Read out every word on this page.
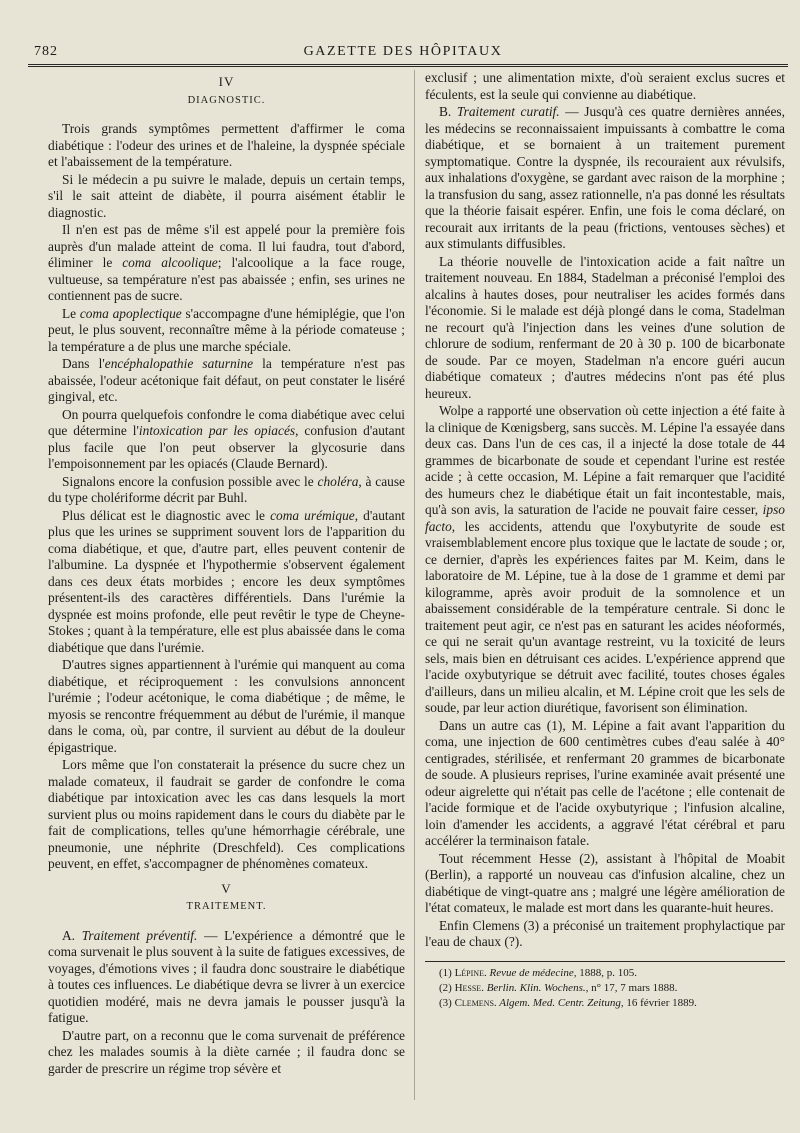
782	GAZETTE DES HÔPITAUX
IV
DIAGNOSTIC.

Trois grands symptômes permettent d'affirmer le coma diabétique : l'odeur des urines et de l'haleine, la dyspnée spéciale et l'abaissement de la température.

Si le médecin a pu suivre le malade, depuis un certain temps, s'il le sait atteint de diabète, il pourra aisément établir le diagnostic.

Il n'en est pas de même s'il est appelé pour la première fois auprès d'un malade atteint de coma. Il lui faudra, tout d'abord, éliminer le coma alcoolique; l'alcoolique a la face rouge, vultueuse, sa température n'est pas abaissée ; enfin, ses urines ne contiennent pas de sucre.

Le coma apoplectique s'accompagne d'une hémiplégie, que l'on peut, le plus souvent, reconnaître même à la période comateuse ; la température a de plus une marche spéciale.

Dans l'encéphalopathie saturnine la température n'est pas abaissée, l'odeur acétonique fait défaut, on peut constater le liséré gingival, etc.

On pourra quelquefois confondre le coma diabétique avec celui que détermine l'intoxication par les opiacés, confusion d'autant plus facile que l'on peut observer la glycosurie dans l'empoisonnement par les opiacés (Claude Bernard).

Signalons encore la confusion possible avec le choléra, à cause du type cholériforme décrit par Buhl.

Plus délicat est le diagnostic avec le coma urémique, d'autant plus que les urines se suppriment souvent lors de l'apparition du coma diabétique, et que, d'autre part, elles peuvent contenir de l'albumine. La dyspnée et l'hypothermie s'observent également dans ces deux états morbides ; encore les deux symptômes présentent-ils des caractères différentiels. Dans l'urémie la dyspnée est moins profonde, elle peut revêtir le type de Cheyne-Stokes ; quant à la température, elle est plus abaissée dans le coma diabétique que dans l'urémie.

D'autres signes appartiennent à l'urémie qui manquent au coma diabétique, et réciproquement : les convulsions annoncent l'urémie ; l'odeur acétonique, le coma diabétique ; de même, le myosis se rencontre fréquemment au début de l'urémie, il manque dans le coma, où, par contre, il survient au début de la douleur épigastrique.

Lors même que l'on constaterait la présence du sucre chez un malade comateux, il faudrait se garder de confondre le coma diabétique par intoxication avec les cas dans lesquels la mort survient plus ou moins rapidement dans le cours du diabète par le fait de complications, telles qu'une hémorrhagie cérébrale, une pneumonie, une néphrite (Dreschfeld). Ces complications peuvent, en effet, s'accompagner de phénomènes comateux.

V
TRAITEMENT.

A. Traitement préventif. — L'expérience a démontré que le coma survenait le plus souvent à la suite de fatigues excessives, de voyages, d'émotions vives ; il faudra donc soustraire le diabétique à toutes ces influences. Le diabétique devra se livrer à un exercice quotidien modéré, mais ne devra jamais le pousser jusqu'à la fatigue.

D'autre part, on a reconnu que le coma survenait de préférence chez les malades soumis à la diète carnée ; il faudra donc se garder de prescrire un régime trop sévère et

exclusif ; une alimentation mixte, d'où seraient exclus sucres et féculents, est la seule qui convienne au diabétique.

B. Traitement curatif. — Jusqu'à ces quatre dernières années, les médecins se reconnaissaient impuissants à combattre le coma diabétique, et se bornaient à un traitement purement symptomatique. Contre la dyspnée, ils recouraient aux révulsifs, aux inhalations d'oxygène, se gardant avec raison de la morphine ; la transfusion du sang, assez rationnelle, n'a pas donné les résultats que la théorie faisait espérer. Enfin, une fois le coma déclaré, on recourait aux irritants de la peau (frictions, ventouses sèches) et aux stimulants diffusibles.

La théorie nouvelle de l'intoxication acide a fait naître un traitement nouveau. En 1884, Stadelman a préconisé l'emploi des alcalins à hautes doses, pour neutraliser les acides formés dans l'économie. Si le malade est déjà plongé dans le coma, Stadelman ne recourt qu'à l'injection dans les veines d'une solution de chlorure de sodium, renfermant de 20 à 30 p. 100 de bicarbonate de soude. Par ce moyen, Stadelman n'a encore guéri aucun diabétique comateux ; d'autres médecins n'ont pas été plus heureux.

Wolpe a rapporté une observation où cette injection a été faite à la clinique de Kœnigsberg, sans succès. M. Lépine l'a essayée dans deux cas. Dans l'un de ces cas, il a injecté la dose totale de 44 grammes de bicarbonate de soude et cependant l'urine est restée acide ; à cette occasion, M. Lépine a fait remarquer que l'acidité des humeurs chez le diabétique était un fait incontestable, mais, qu'à son avis, la saturation de l'acide ne pouvait faire cesser, ipso facto, les accidents, attendu que l'oxybutyrite de soude est vraisemblablement encore plus toxique que le lactate de soude ; or, ce dernier, d'après les expériences faites par M. Keim, dans le laboratoire de M. Lépine, tue à la dose de 1 gramme et demi par kilogramme, après avoir produit de la somnolence et un abaissement considérable de la température centrale. Si donc le traitement peut agir, ce n'est pas en saturant les acides néoformés, ce qui ne serait qu'un avantage restreint, vu la toxicité de leurs sels, mais bien en détruisant ces acides. L'expérience apprend que l'acide oxybutyrique se détruit avec facilité, toutes choses égales d'ailleurs, dans un milieu alcalin, et M. Lépine croit que les sels de soude, par leur action diurétique, favorisent son élimination.

Dans un autre cas (1), M. Lépine a fait avant l'apparition du coma, une injection de 600 centimètres cubes d'eau salée à 40° centigrades, stérilisée, et renfermant 20 grammes de bicarbonate de soude. A plusieurs reprises, l'urine examinée avait présenté une odeur aigrelette qui n'était pas celle de l'acétone ; elle contenait de l'acide formique et de l'acide oxybutyrique ; l'infusion alcaline, loin d'amender les accidents, a aggravé l'état cérébral et paru accélérer la terminaison fatale.

Tout récemment Hesse (2), assistant à l'hôpital de Moabit (Berlin), a rapporté un nouveau cas d'infusion alcaline, chez un diabétique de vingt-quatre ans ; malgré une légère amélioration de l'état comateux, le malade est mort dans les quarante-huit heures.

Enfin Clemens (3) a préconisé un traitement prophylactique par l'eau de chaux (?).

(1) Lépine. Revue de médecine, 1888, p. 105.

(2) Hesse. Berlin. Klin. Wochens., n° 17, 7 mars 1888.

(3) Clemens. Algem. Med. Centr. Zeitung, 16 février 1889.
